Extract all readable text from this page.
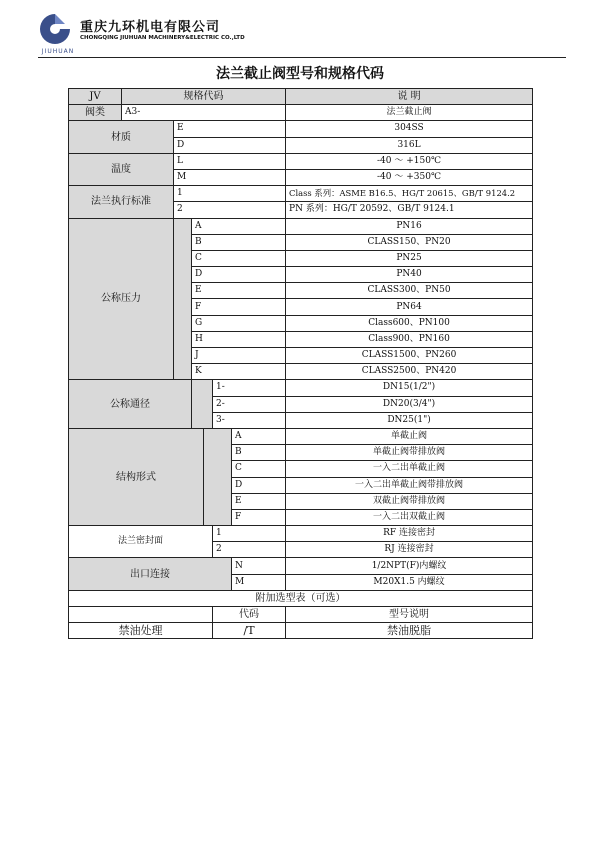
JIUHUAN
重庆九环机电有限公司
CHONGQING JIUHUAN MACHINERY&ELECTRIC CO.,LTD
法兰截止阀型号和规格代码
JV	规格代码						说 明
阀类	A3-						法兰截止阀
材质		E					304SS
		D					316L
温度		L					-40 ～ +150℃
		M					-40 ～ +350℃
法兰执行标准		1					Class 系列：ASME B16.5、HG/T 20615、GB/T 9124.2
		2					PN 系列：HG/T 20592、GB/T 9124.1
公称压力			A				PN16
			B				CLASS150、PN20
			C				PN25
			D				PN40
			E				CLASS300、PN50
			F				PN64
			G				Class600、PN100
			H				Class900、PN160
			J				CLASS1500、PN260
			K				CLASS2500、PN420
公称通径					1-		DN15(1/2")
					2-		DN20(3/4")
					3-		DN25(1")
结构形式						A	单截止阀
						B	单截止阀带排放阀
						C	一入二出单截止阀
						D	一入二出单截止阀带排放阀
						E	双截止阀带排放阀
						F	一入二出双截止阀
法兰密封面					1		RF 连接密封
					2		RJ 连接密封
出口连接						N	1/2NPT(F)内螺纹
						M	M20X1.5 内螺纹
附加选型表（可选）							
					代码		型号说明
禁油处理					/T		禁油脱脂
